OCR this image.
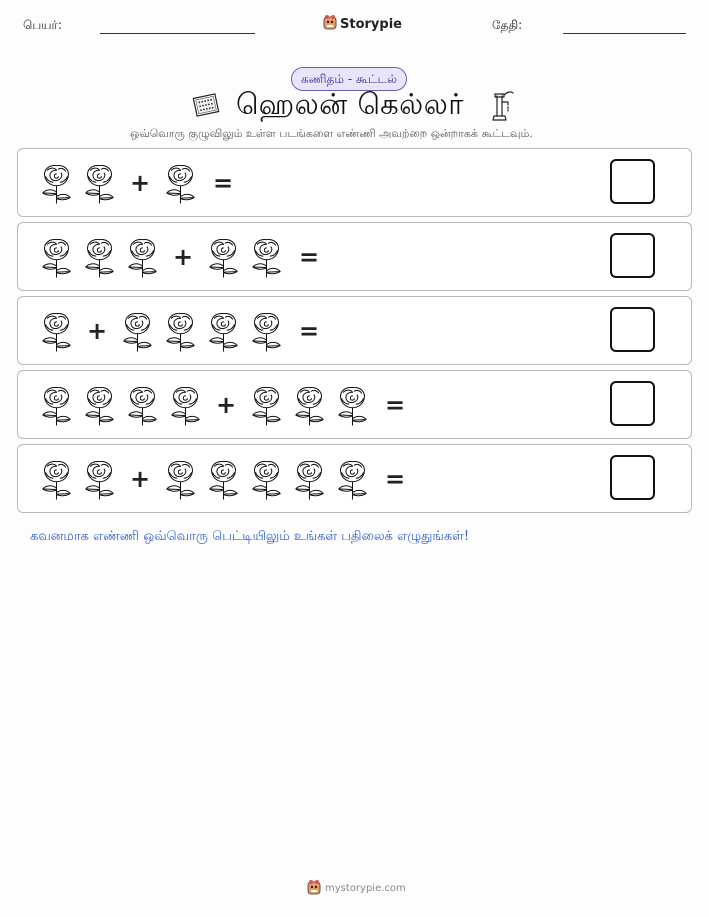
பெயர்:	Storypie	தேதி:
கணிதம் - கூட்டல்
ஹெலன் கெல்லர்
ஒவ்வொரு குழுவிலும் உள்ள படங்களை எண்ணி அவற்றை ஒன்றாகக் கூட்டவும்.
+	=
+	=
+	=
+	=
+	=
கவனமாக எண்ணி ஒவ்வொரு பெட்டியிலும் உங்கள் பதிலைக் எழுதுங்கள்!
mystorypie.com
